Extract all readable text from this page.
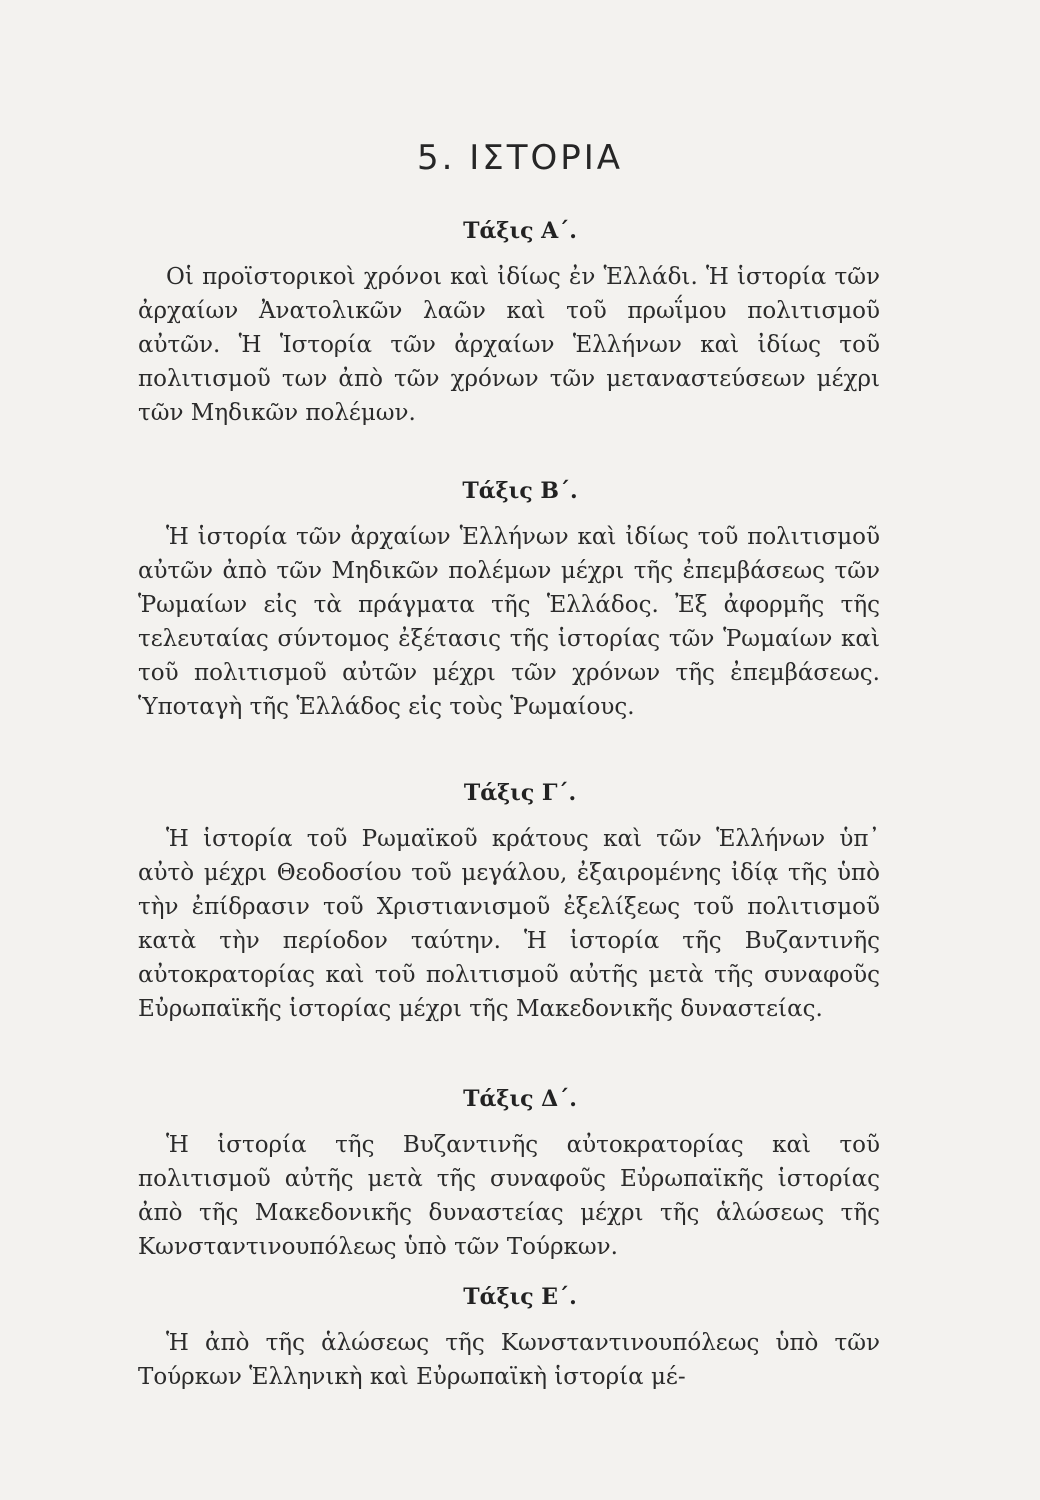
5. ΙΣΤΟΡΙΑ
Τάξις Α΄.

Οἱ προϊστορικοὶ χρόνοι καὶ ἰδίως ἐν Ἑλλάδι. Ἡ ἱστορία τῶν ἀρχαίων Ἀνατολικῶν λαῶν καὶ τοῦ πρωΐμου πολιτισμοῦ αὐτῶν. Ἡ Ἱστορία τῶν ἀρχαίων Ἑλλήνων καὶ ἰδίως τοῦ πολιτισμοῦ των ἀπὸ τῶν χρόνων τῶν μεταναστεύσεων μέχρι τῶν Μηδικῶν πολέμων.

Τάξις Β΄.

Ἡ ἱστορία τῶν ἀρχαίων Ἑλλήνων καὶ ἰδίως τοῦ πολιτισμοῦ αὐτῶν ἀπὸ τῶν Μηδικῶν πολέμων μέχρι τῆς ἐπεμβάσεως τῶν Ῥωμαίων εἰς τὰ πράγματα τῆς Ἑλλάδος. Ἐξ ἀφορμῆς τῆς τελευταίας σύντομος ἐξέτασις τῆς ἱστορίας τῶν Ῥωμαίων καὶ τοῦ πολιτισμοῦ αὐτῶν μέχρι τῶν χρόνων τῆς ἐπεμβάσεως. Ὑποταγὴ τῆς Ἑλλάδος εἰς τοὺς Ῥωμαίους.

Τάξις Γ΄.

Ἡ ἱστορία τοῦ Ρωμαϊκοῦ κράτους καὶ τῶν Ἑλλήνων ὑπ᾿ αὐτὸ μέχρι Θεοδοσίου τοῦ μεγάλου, ἐξαιρομένης ἰδίᾳ τῆς ὑπὸ τὴν ἐπίδρασιν τοῦ Χριστιανισμοῦ ἐξελίξεως τοῦ πολιτισμοῦ κατὰ τὴν περίοδον ταύτην. Ἡ ἱστορία τῆς Βυζαντινῆς αὐτοκρατορίας καὶ τοῦ πολιτισμοῦ αὐτῆς μετὰ τῆς συναφοῦς Εὐρωπαϊκῆς ἱστορίας μέχρι τῆς Μακεδονικῆς δυναστείας.

Τάξις Δ΄.

Ἡ ἱστορία τῆς Βυζαντινῆς αὐτοκρατορίας καὶ τοῦ πολιτισμοῦ αὐτῆς μετὰ τῆς συναφοῦς Εὐρωπαϊκῆς ἱστορίας ἀπὸ τῆς Μακεδονικῆς δυναστείας μέχρι τῆς ἁλώσεως τῆς Κωνσταντινουπόλεως ὑπὸ τῶν Τούρκων.

Τάξις Ε΄.

Ἡ ἀπὸ τῆς ἁλώσεως τῆς Κωνσταντινουπόλεως ὑπὸ τῶν Τούρκων Ἑλληνικὴ καὶ Εὐρωπαϊκὴ ἱστορία μέ-
